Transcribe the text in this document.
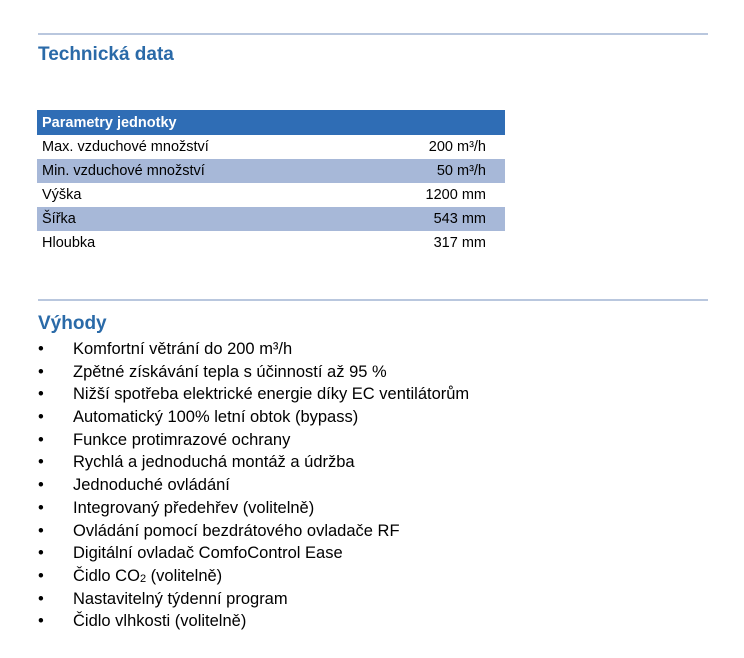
Technická data
Parametry jednotky	
Max. vzduchové množství	200 m³/h
Min. vzduchové množství	50 m³/h
Výška	1200 mm
Šířka	543 mm
Hloubka	317 mm
Výhody
• Komfortní větrání do 200 m³/h
• Zpětné získávání tepla s účinností až 95 %
• Nižší spotřeba elektrické energie díky EC ventilátorům
• Automatický 100% letní obtok (bypass)
• Funkce protimrazové ochrany
• Rychlá a jednoduchá montáž a údržba
• Jednoduché ovládání
• Integrovaný předehřev (volitelně)
• Ovládání pomocí bezdrátového ovladače RF
• Digitální ovladač ComfoControl Ease
• Čidlo $CO_2$ (volitelně)
• Nastavitelný týdenní program
• Čidlo vlhkosti (volitelně)
